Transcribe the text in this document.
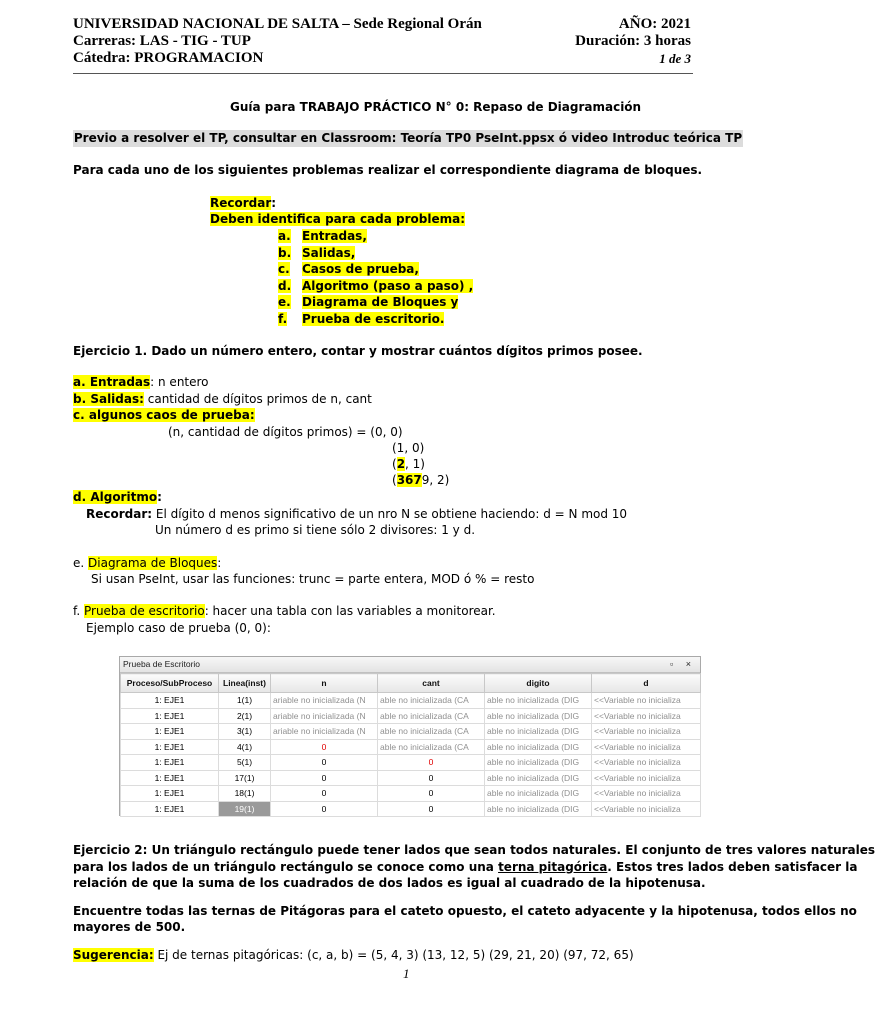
UNIVERSIDAD NACIONAL DE SALTA – Sede Regional Orán	AÑO: 2021
Carreras: LAS - TIG - TUP	Duración: 3 horas
Cátedra: PROGRAMACION	1 de 3
Guía para TRABAJO PRÁCTICO N° 0: Repaso de Diagramación
Previo a resolver el TP, consultar en Classroom: Teoría TP0 PseInt.ppsx ó video Introduc teórica TP
Para cada uno de los siguientes problemas realizar el correspondiente diagrama de bloques.
Recordar:
Deben identifica para cada problema:
a. Entradas,
b. Salidas,
c. Casos de prueba,
d. Algoritmo (paso a paso) ,
e. Diagrama de Bloques y
f. Prueba de escritorio.
Ejercicio 1. Dado un número entero, contar y mostrar cuántos dígitos primos posee.
a. Entradas: n entero
b. Salidas: cantidad de dígitos primos de n, cant
c. algunos caos de prueba:
(n, cantidad de dígitos primos) = (0, 0)
(1, 0)
(2, 1)
(3679, 2)
d. Algoritmo:
Recordar: El dígito d menos significativo de un nro N se obtiene haciendo: d = N mod 10
Un número d es primo si tiene sólo 2 divisores: 1 y d.
e. Diagrama de Bloques:
Si usan PseInt, usar las funciones: trunc = parte entera, MOD ó % = resto
f. Prueba de escritorio: hacer una tabla con las variables a monitorear.
Ejemplo caso de prueba (0, 0):
Prueba de Escritorio	▫ ×
Proceso/SubProceso	Linea(inst)	n	cant	digito	d
1: EJE1	1(1)	ariable no inicializada (N	able no inicializada (CA	able no inicializada (DIG	<<Variable no inicializa
1: EJE1	2(1)	ariable no inicializada (N	able no inicializada (CA	able no inicializada (DIG	<<Variable no inicializa
1: EJE1	3(1)	ariable no inicializada (N	able no inicializada (CA	able no inicializada (DIG	<<Variable no inicializa
1: EJE1	4(1)	0	able no inicializada (CA	able no inicializada (DIG	<<Variable no inicializa
1: EJE1	5(1)	0	0	able no inicializada (DIG	<<Variable no inicializa
1: EJE1	17(1)	0	0	able no inicializada (DIG	<<Variable no inicializa
1: EJE1	18(1)	0	0	able no inicializada (DIG	<<Variable no inicializa
1: EJE1	19(1)	0	0	able no inicializada (DIG	<<Variable no inicializa
Ejercicio 2: Un triángulo rectángulo puede tener lados que sean todos naturales. El conjunto de tres valores naturales
para los lados de un triángulo rectángulo se conoce como una terna pitagórica. Estos tres lados deben satisfacer la
relación de que la suma de los cuadrados de dos lados es igual al cuadrado de la hipotenusa.
Encuentre todas las ternas de Pitágoras para el cateto opuesto, el cateto adyacente y la hipotenusa, todos ellos no
mayores de 500.
Sugerencia: Ej de ternas pitagóricas: (c, a, b) = (5, 4, 3) (13, 12, 5) (29, 21, 20) (97, 72, 65)
1
